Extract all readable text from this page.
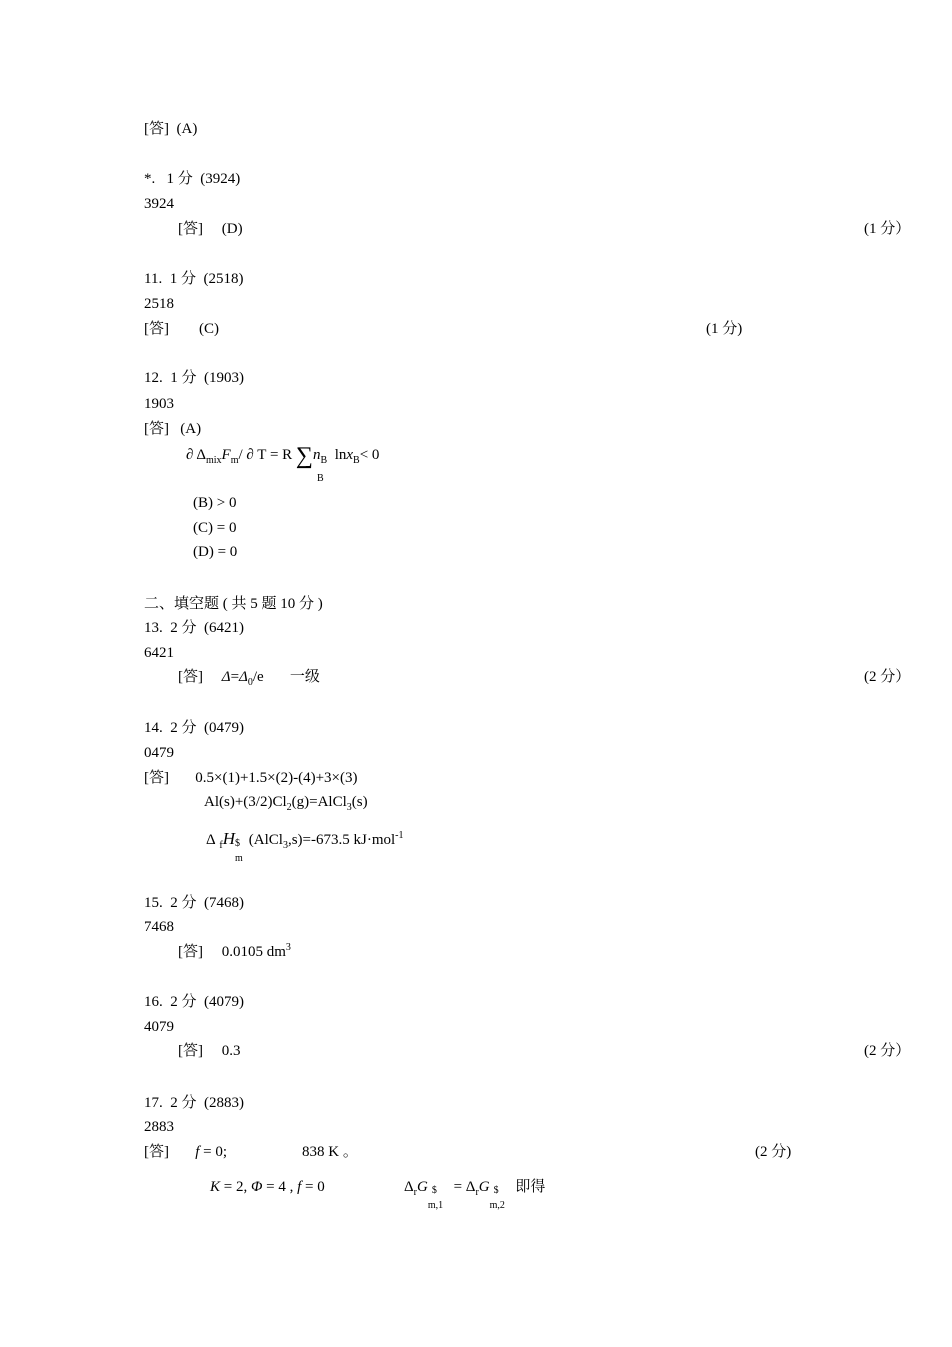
[答] (A)
*. 1 分 (3924)
3924
[答] (D)	(1 分）
11. 1 分 (2518)
2518
[答] (C)	(1 分)
12. 1 分 (1903)
1903
[答] (A)
∂ $\Delta_{mix}F_m/$ ∂ T = R $\sum n_B$  lnx$_B$< 0
B
(B) > 0
(C) = 0
(D) = 0
二、填空题 ( 共 5 题 10 分 )
13. 2 分 (6421)
6421
[答] $\Delta=\Delta_0/e$ 一级	(2 分）
14. 2 分 (0479)
0479
[答] 0.5×(1)+1.5×(2)-(4)+3×(3)
$Al(s)+(3/2)Cl_2(g)=AlCl_3(s)$
Δ $_f$H $
m
(AlCl$_3$,s)=-673.5 kJ·mol$^{-1}$
15. 2 分 (7468)
7468
[答] 0.0105 $dm^3$
16. 2 分 (4079)
4079
[答] 0.3	(2 分）
17. 2 分 (2883)
2883
[答] f = 0;	838 K 。	(2 分)
K = 2, Φ = 4 , f = 0	$\Delta_rG$ $
m,1
= $\Delta_rG$ $
m,2
即得
